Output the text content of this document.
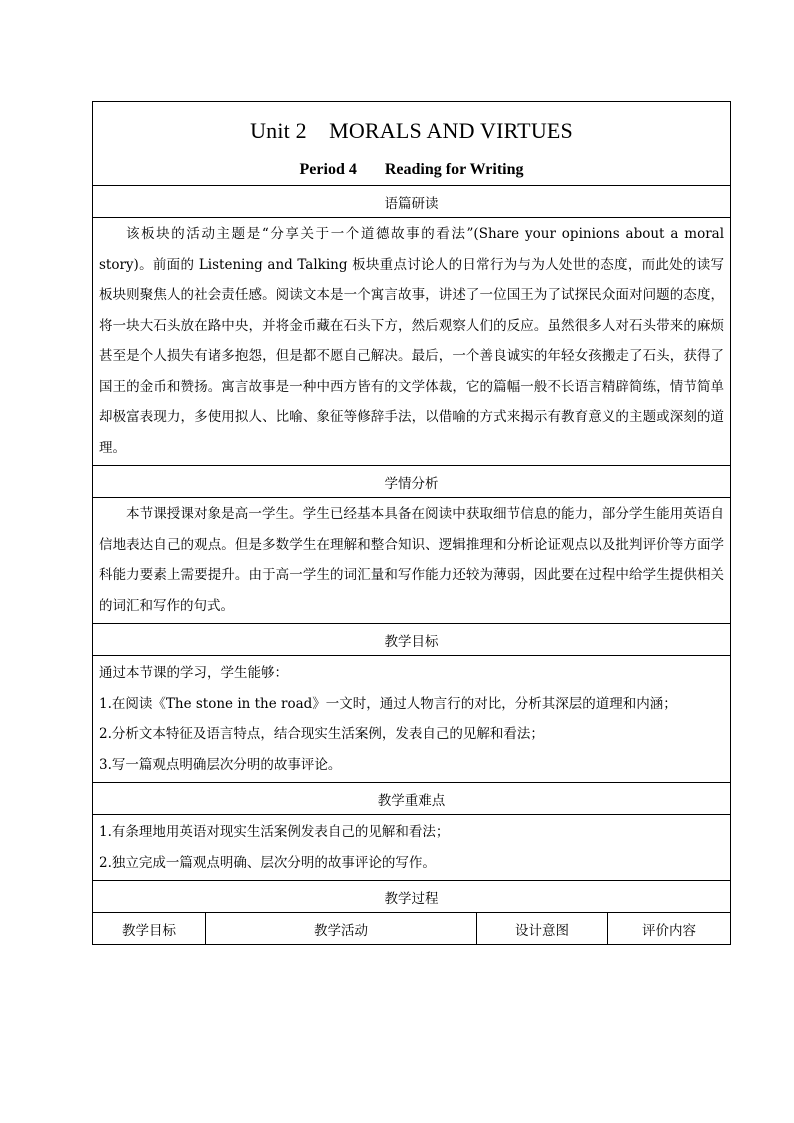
Unit 2　MORALS AND VIRTUES
Period 4 Reading for Writing

语篇研读

该板块的活动主题是“分享关于一个道德故事的看法”(Share your opinions about a moral story)。前面的 Listening and Talking 板块重点讨论人的日常行为与为人处世的态度，而此处的读写板块则聚焦人的社会责任感。阅读文本是一个寓言故事，讲述了一位国王为了试探民众面对问题的态度，将一块大石头放在路中央，并将金币藏在石头下方，然后观察人们的反应。虽然很多人对石头带来的麻烦甚至是个人损失有诸多抱怨，但是都不愿自己解决。最后，一个善良诚实的年轻女孩搬走了石头，获得了国王的金币和赞扬。寓言故事是一种中西方皆有的文学体裁，它的篇幅一般不长语言精辟简练，情节简单却极富表现力，多使用拟人、比喻、象征等修辞手法，以借喻的方式来揭示有教育意义的主题或深刻的道理。

学情分析

本节课授课对象是高一学生。学生已经基本具备在阅读中获取细节信息的能力，部分学生能用英语自信地表达自己的观点。但是多数学生在理解和整合知识、逻辑推理和分析论证观点以及批判评价等方面学科能力要素上需要提升。由于高一学生的词汇量和写作能力还较为薄弱，因此要在过程中给学生提供相关的词汇和写作的句式。

教学目标

通过本节课的学习，学生能够：
1.在阅读《The stone in the road》一文时，通过人物言行的对比，分析其深层的道理和内涵；
2.分析文本特征及语言特点，结合现实生活案例，发表自己的见解和看法；
3.写一篇观点明确层次分明的故事评论。

教学重难点

1.有条理地用英语对现实生活案例发表自己的见解和看法；
2.独立完成一篇观点明确、层次分明的故事评论的写作。

教学过程
教学目标	教学活动	设计意图	评价内容
